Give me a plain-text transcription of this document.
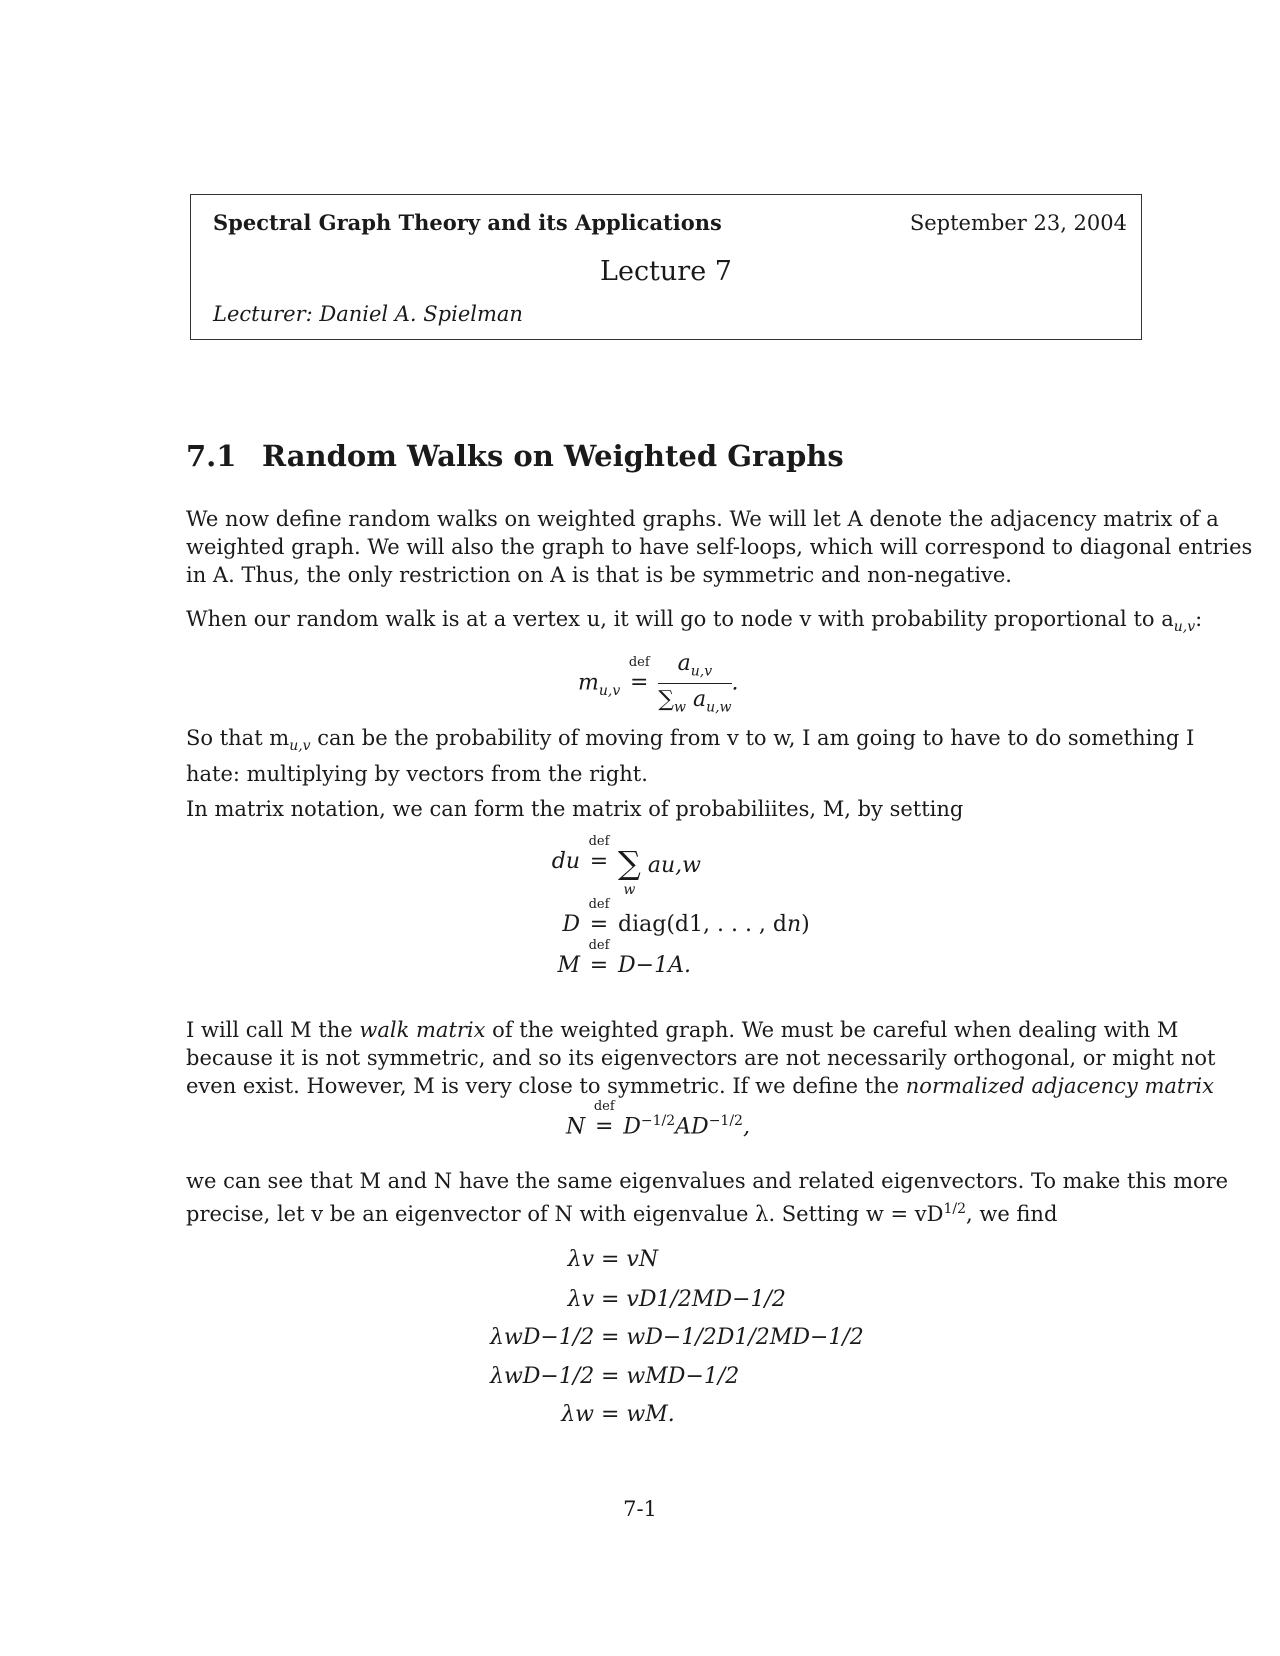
Spectral Graph Theory and its Applications	September 23, 2004
Lecture 7
Lecturer: Daniel A. Spielman
7.1 Random Walks on Weighted Graphs
We now define random walks on weighted graphs. We will let A denote the adjacency matrix of a
weighted graph. We will also the graph to have self-loops, which will correspond to diagonal entries
in A. Thus, the only restriction on A is that is be symmetric and non-negative.
When our random walk is at a vertex u, it will go to node v with probability proportional to $a_{u,v}$:
$m_{u,v}$
def
= $\frac{a_{u,v}}{\sum_w a_{u,w}}$ .
So that $m_{u,v}$ can be the probability of moving from v to w, I am going to have to do something I
hate: multiplying by vectors from the right.
In matrix notation, we can form the matrix of probabiliites, M, by setting
du
def
= ∑
w
au,w
D
def
= diag(d1, . . . , dn)
M
def
= D−1A.
I will call M the walk matrix of the weighted graph. We must be careful when dealing with M
because it is not symmetric, and so its eigenvectors are not necessarily orthogonal, or might not
even exist. However, M is very close to symmetric. If we define the normalized adjacency matrix
N
def
= $D^{-1/2}AD^{-1/2}$,
we can see that M and N have the same eigenvalues and related eigenvectors. To make this more
precise, let v be an eigenvector of N with eigenvalue λ. Setting $w = vD^{1/2}$, we find
λv = vN
λv = vD1/2MD−1/2
λwD−1/2 = wD−1/2D1/2MD−1/2
λwD−1/2 = wMD−1/2
λw = wM.
7-1
